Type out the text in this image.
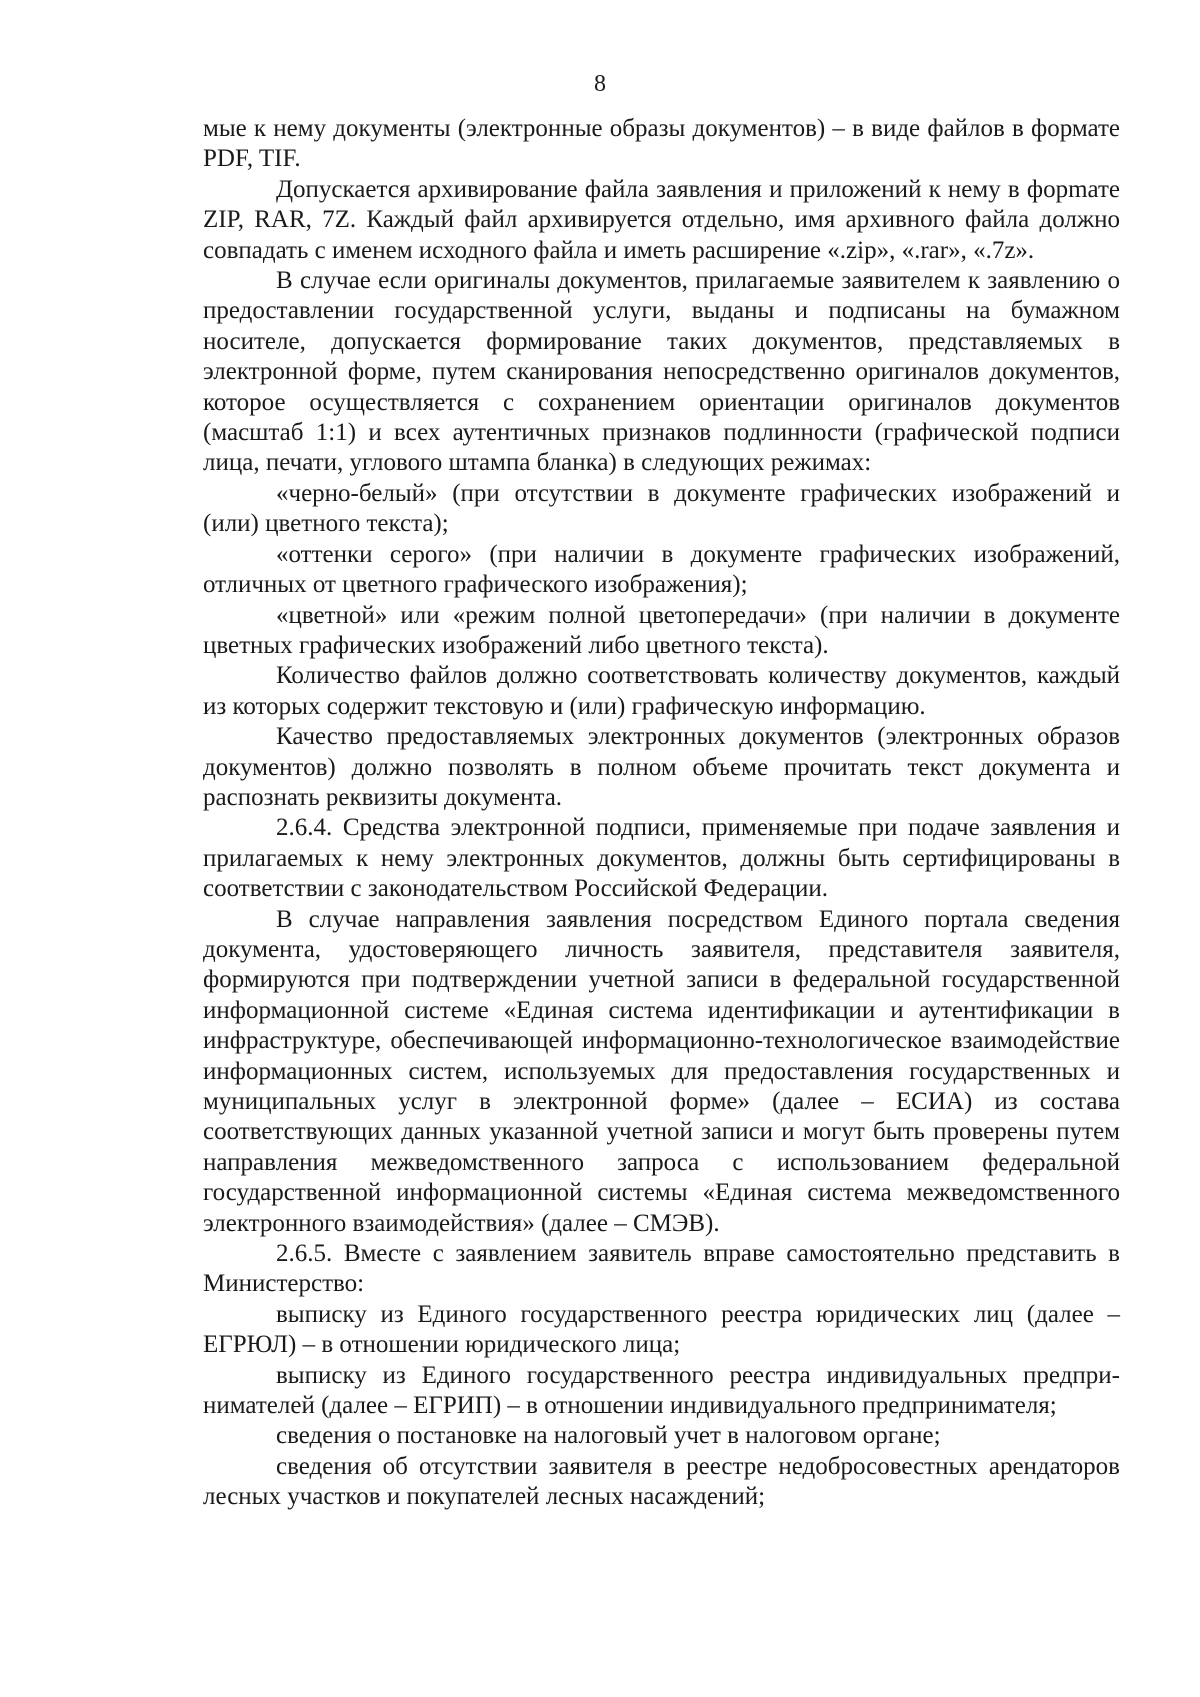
8

мые к нему документы (электронные образы документов) – в виде файлов в формате PDF, TIF.

Допускается архивирование файла заявления и приложений к нему в форmате ZIP, RAR, 7Z. Каждый файл архивируется отдельно, имя архивного файла должно совпадать с именем исходного файла и иметь расширение «.zip», «.rar», «.7z».

В случае если оригиналы документов, прилагаемые заявителем к заявлению о предоставлении государственной услуги, выданы и подписаны на бумажном носителе, допускается формирование таких документов, представляемых в электронной форме, путем сканирования непосредственно оригиналов документов, которое осуществляется с сохранением ориентации оригиналов документов (масштаб 1:1) и всех аутентичных признаков подлинности (графической подписи лица, печати, углового штампа бланка) в следующих режимах:

«черно-белый» (при отсутствии в документе графических изображений и (или) цветного текста);

«оттенки серого» (при наличии в документе графических изображений, отличных от цветного графического изображения);

«цветной» или «режим полной цветопередачи» (при наличии в документе цветных графических изображений либо цветного текста).

Количество файлов должно соответствовать количеству документов, каждый из которых содержит текстовую и (или) графическую информацию.

Качество предоставляемых электронных документов (электронных образов документов) должно позволять в полном объеме прочитать текст документа и распознать реквизиты документа.

2.6.4. Средства электронной подписи, применяемые при подаче заявления и прилагаемых к нему электронных документов, должны быть сертифицированы в соответствии с законодательством Российской Федерации.

В случае направления заявления посредством Единого портала сведения документа, удостоверяющего личность заявителя, представителя заявителя, формируются при подтверждении учетной записи в федеральной государственной информационной системе «Единая система идентификации и аутентификации в инфраструктуре, обеспечивающей информационно-технологическое взаимодействие информационных систем, используемых для предоставления государственных и муниципальных услуг в электронной форме» (далее – ЕСИА) из состава соответствующих данных указанной учетной записи и могут быть проверены путем направления межведомственного запроса с использованием федеральной государственной информационной системы «Единая система межведомственного электронного взаимодействия» (далее – СМЭВ).

2.6.5. Вместе с заявлением заявитель вправе самостоятельно представить в Министерство:

выписку из Единого государственного реестра юридических лиц (далее – ЕГРЮЛ) – в отношении юридического лица;

выписку из Единого государственного реестра индивидуальных предпринимателей (далее – ЕГРИП) – в отношении индивидуального предпринимателя;

сведения о постановке на налоговый учет в налоговом органе;

сведения об отсутствии заявителя в реестре недобросовестных арендаторов лесных участков и покупателей лесных насаждений;
